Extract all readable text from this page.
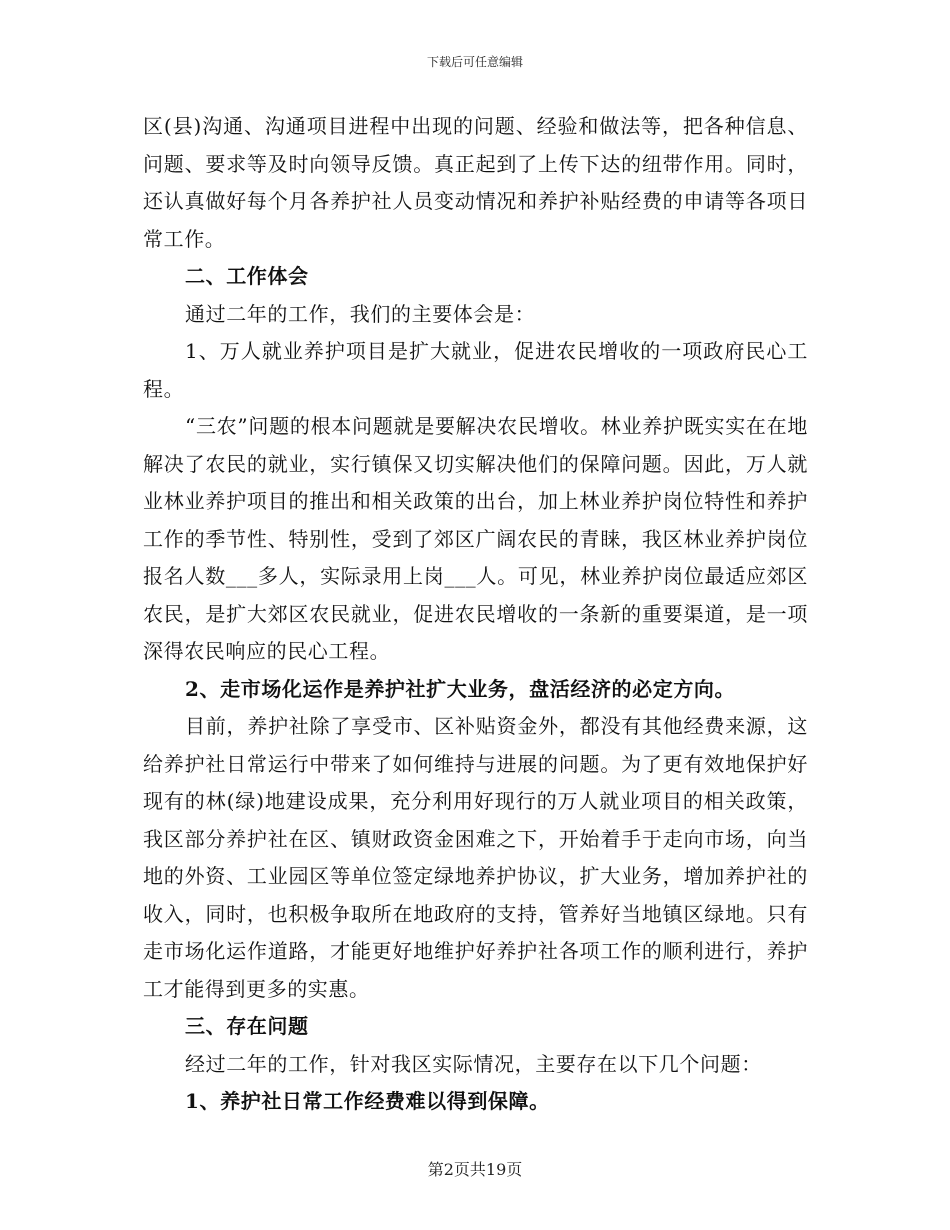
下载后可任意编辑

区(县)沟通、沟通项目进程中出现的问题、经验和做法等，把各种信息、问题、要求等及时向领导反馈。真正起到了上传下达的纽带作用。同时，还认真做好每个月各养护社人员变动情况和养护补贴经费的申请等各项日常工作。

二、工作体会

通过二年的工作，我们的主要体会是：

1、万人就业养护项目是扩大就业，促进农民增收的一项政府民心工程。

“三农”问题的根本问题就是要解决农民增收。林业养护既实实在在地解决了农民的就业，实行镇保又切实解决他们的保障问题。因此，万人就业林业养护项目的推出和相关政策的出台，加上林业养护岗位特性和养护工作的季节性、特别性，受到了郊区广阔农民的青睐，我区林业养护岗位报名人数___多人，实际录用上岗___人。可见，林业养护岗位最适应郊区农民，是扩大郊区农民就业，促进农民增收的一条新的重要渠道，是一项深得农民响应的民心工程。

2、走市场化运作是养护社扩大业务，盘活经济的必定方向。

目前，养护社除了享受市、区补贴资金外，都没有其他经费来源，这给养护社日常运行中带来了如何维持与进展的问题。为了更有效地保护好现有的林(绿)地建设成果，充分利用好现行的万人就业项目的相关政策，我区部分养护社在区、镇财政资金困难之下，开始着手于走向市场，向当地的外资、工业园区等单位签定绿地养护协议，扩大业务，增加养护社的收入，同时，也积极争取所在地政府的支持，管养好当地镇区绿地。只有走市场化运作道路，才能更好地维护好养护社各项工作的顺利进行，养护工才能得到更多的实惠。

三、存在问题

经过二年的工作，针对我区实际情况，主要存在以下几个问题：

1、养护社日常工作经费难以得到保障。

第2页共19页
